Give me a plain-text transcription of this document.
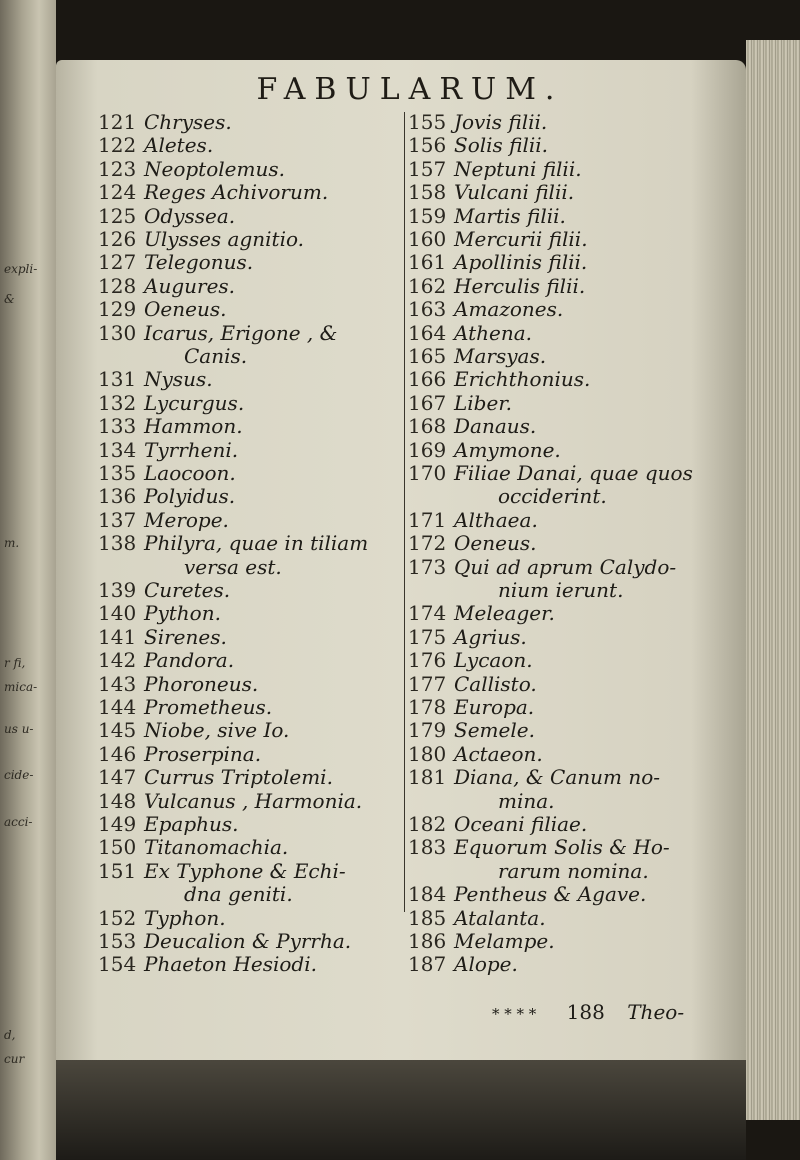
expli-
&
m.
r fi,
mica-
us u-
cide-
acci-
d,
cur
FABULARUM.
121 Chryses.
122 Aletes.
123 Neoptolemus.
124 Reges Achivorum.
125 Odyssea.
126 Ulysses agnitio.
127 Telegonus.
128 Augures.
129 Oeneus.
130 Icarus, Erigone , &
Canis.
131 Nysus.
132 Lycurgus.
133 Hammon.
134 Tyrrheni.
135 Laocoon.
136 Polyidus.
137 Merope.
138 Philyra, quae in tiliam
versa est.
139 Curetes.
140 Python.
141 Sirenes.
142 Pandora.
143 Phoroneus.
144 Prometheus.
145 Niobe, sive Io.
146 Proserpina.
147 Currus Triptolemi.
148 Vulcanus , Harmonia.
149 Epaphus.
150 Titanomachia.
151 Ex Typhone & Echi-
dna geniti.
152 Typhon.
153 Deucalion & Pyrrha.
154 Phaeton Hesiodi.
155 Jovis filii.
156 Solis filii.
157 Neptuni filii.
158 Vulcani filii.
159 Martis filii.
160 Mercurii filii.
161 Apollinis filii.
162 Herculis filii.
163 Amazones.
164 Athena.
165 Marsyas.
166 Erichthonius.
167 Liber.
168 Danaus.
169 Amymone.
170 Filiae Danai, quae quos
occiderint.
171 Althaea.
172 Oeneus.
173 Qui ad aprum Calydo-
nium ierunt.
174 Meleager.
175 Agrius.
176 Lycaon.
177 Callisto.
178 Europa.
179 Semele.
180 Actaeon.
181 Diana, & Canum no-
mina.
182 Oceani filiae.
183 Equorum Solis & Ho-
rarum nomina.
184 Pentheus & Agave.
185 Atalanta.
186 Melampe.
187 Alope.
* * * * 188 Theo-
